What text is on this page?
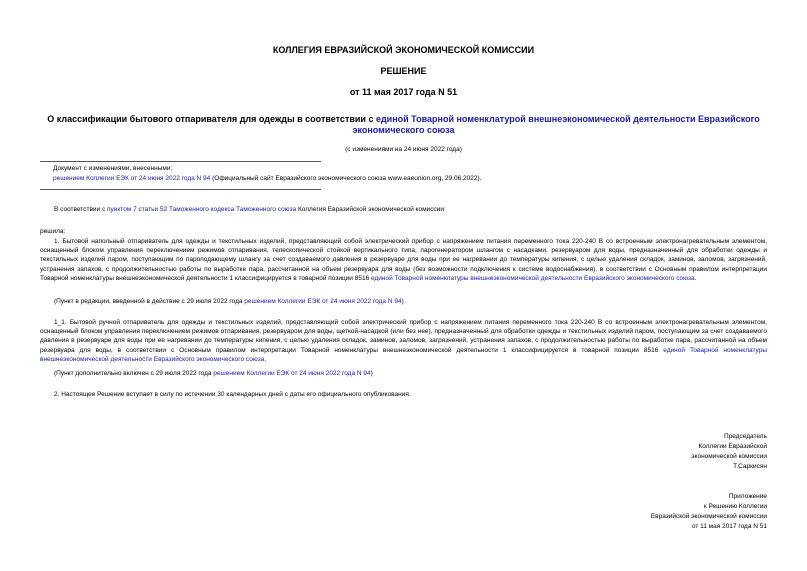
КОЛЛЕГИЯ ЕВРАЗИЙСКОЙ ЭКОНОМИЧЕСКОЙ КОМИССИИ
РЕШЕНИЕ
от 11 мая 2017 года N 51
О классификации бытового отпаривателя для одежды в соответствии с единой Товарной номенклатурой внешнеэкономической деятельности Евразийского экономического союза
(с изменениями на 24 июня 2022 года)
Документ с изменениями, внесенными:
решением Коллегии ЕЭК от 24 июня 2022 года N 94 (Официальный сайт Евразийского экономического союза www.eaeunion.org, 29.06.2022).
В соответствии с пунктом 7 статьи 52 Таможенного кодекса Таможенного союза Коллегия Евразийской экономической комиссии
решила:
1. Бытовой напольный отпариватель для одежды и текстильных изделий, представляющий собой электрический прибор с напряжением питания переменного тока 220-240 В со встроенным электронагревательным элементом, оснащенный блоком управления переключением режимов отпаривания, телескопической стойкой вертикального типа, парогенератором шлангом с насадками, резервуаром для воды, предназначенный для обработки одежды и текстильных изделий паром, поступающим по пароподающему шлангу за счет создаваемого давления в резервуаре для воды при ее нагревании до температуры кипения, с целью удаления складок, заминов, заломов, загрязнений, устранения запахов, с продолжительностью работы по выработке пара, рассчитанной на объем резервуара для воды (без возможности подключения к системе водоснабжения), в соответствии с Основным правилом интерпретации Товарной номенклатуры внешнеэкономической деятельности 1 классифицируется в товарной позиции 8516 единой Товарной номенклатуры внешнеэкономической деятельности Евразийского экономического союза.
(Пункт в редакции, введенной в действие с 29 июля 2022 года решением Коллегии ЕЭК от 24 июня 2022 года N 94)
1_1. Бытовой ручной отпариватель для одежды и текстильных изделий, представляющий собой электрический прибор с напряжением питания переменного тока 220-240 В со встроенным электронагревательным элементом, оснащенный блоком управления переключением режимов отпаривания, резервуаром для воды, щеткой-насадкой (или без нее), предназначенный для обработки одежды и текстильных изделий паром, поступающим за счет создаваемого давления в резервуаре для воды при ее нагревании до температуры кипения, с целью удаления складок, заминов, заломов, загрязнений, устранения запахов, с продолжительностью работы по выработке пара, рассчитанной на объем резервуара для воды, в соответствии с Основным правилом интерпретации Товарной номенклатуры внешнеэкономической деятельности 1 классифицируется в товарной позиции 8516 единой Товарной номенклатуры внешнеэкономической деятельности Евразийского экономического союза.
(Пункт дополнительно включен с 29 июля 2022 года решением Коллегии ЕЭК от 24 июня 2022 года N 94)
2. Настоящее Решение вступает в силу по истечении 30 календарных дней с даты его официального опубликования.
Председатель
Коллегии Евразийской
экономической комиссии
Т.Саркисян
Приложение
к Решению Коллегии
Евразийской экономической комиссии
от 11 мая 2017 года N 51
